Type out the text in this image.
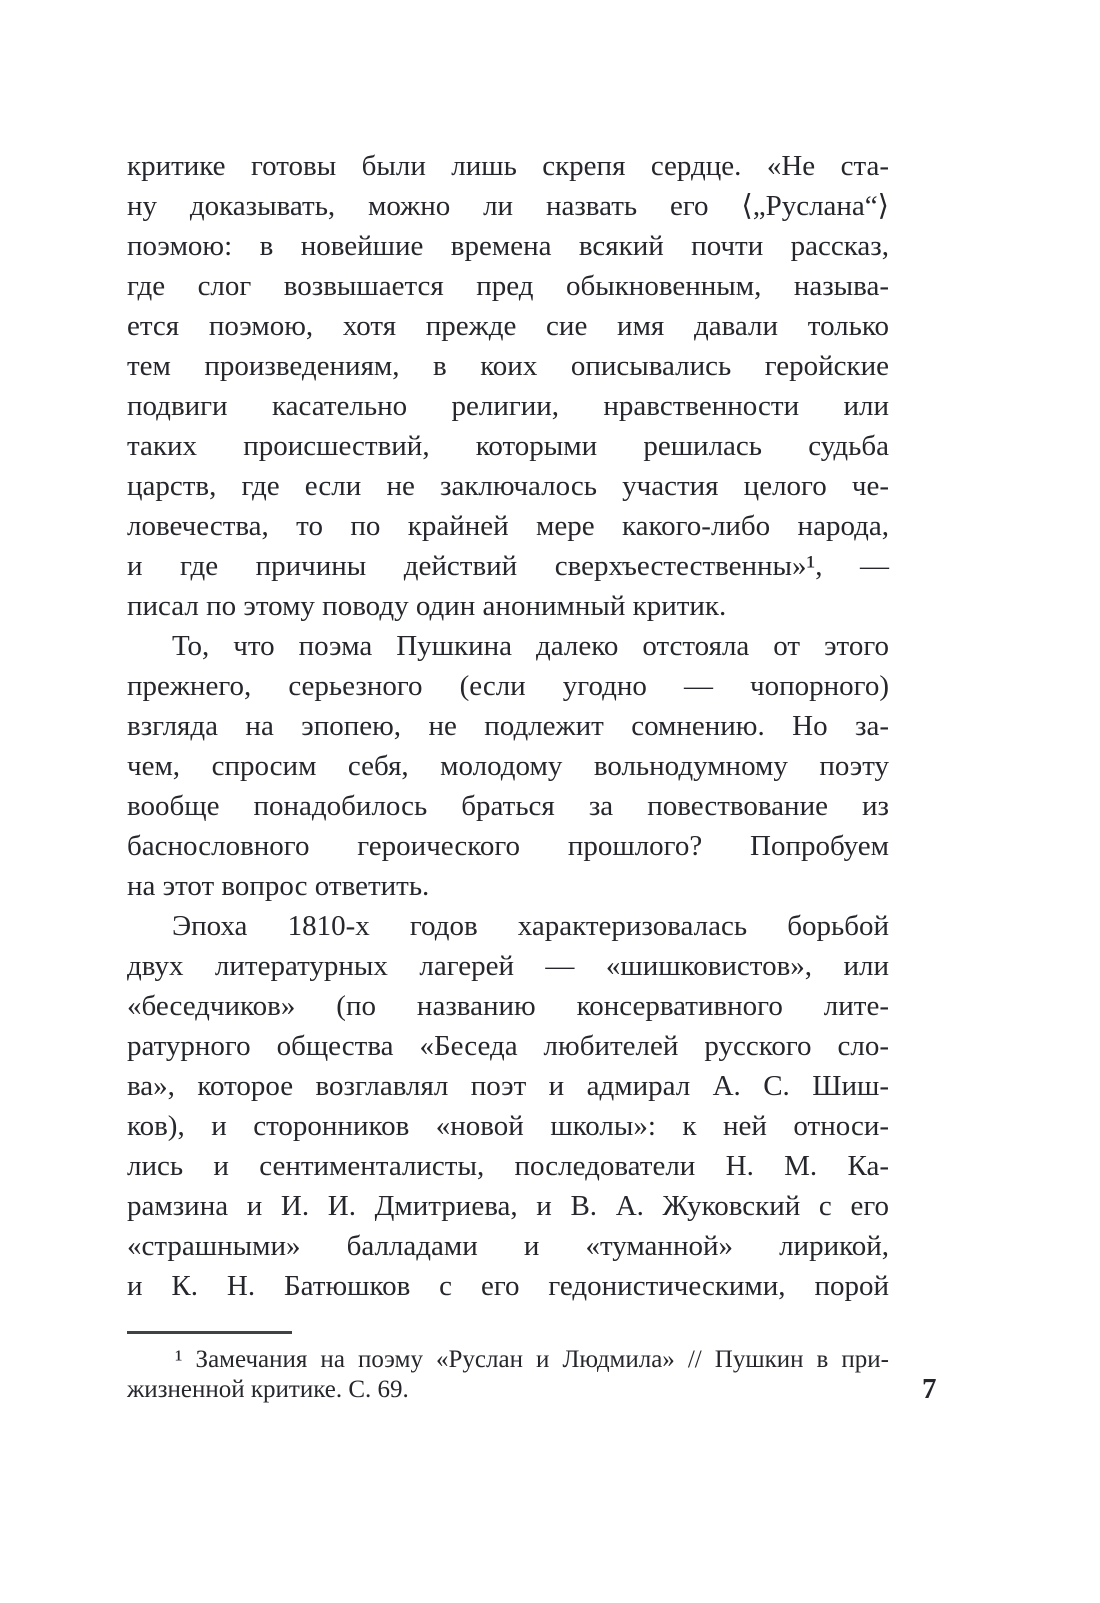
критике готовы были лишь скрепя сердце. «Не ста-
ну доказывать, можно ли назвать его ⟨„Руслана“⟩
поэмою: в новейшие времена всякий почти рассказ,
где слог возвышается пред обыкновенным, называ-
ется поэмою, хотя прежде сие имя давали только
тем произведениям, в коих описывались геройские
подвиги касательно религии, нравственности или
таких происшествий, которыми решилась судьба
царств, где если не заключалось участия целого че-
ловечества, то по крайней мере какого-либо народа,
и где причины действий сверхъестественны»¹, —
писал по этому поводу один анонимный критик.
То, что поэма Пушкина далеко отстояла от этого
прежнего, серьезного (если угодно — чопорного)
взгляда на эпопею, не подлежит сомнению. Но за-
чем, спросим себя, молодому вольнодумному поэту
вообще понадобилось браться за повествование из
баснословного героического прошлого? Попробуем
на этот вопрос ответить.
Эпоха 1810-х годов характеризовалась борьбой
двух литературных лагерей — «шишковистов», или
«беседчиков» (по названию консервативного лите-
ратурного общества «Беседа любителей русского сло-
ва», которое возглавлял поэт и адмирал А. С. Шиш-
ков), и сторонников «новой школы»: к ней относи-
лись и сентименталисты, последователи Н. М. Ка-
рамзина и И. И. Дмитриева, и В. А. Жуковский с его
«страшными» балладами и «туманной» лирикой,
и К. Н. Батюшков с его гедонистическими, порой
¹ Замечания на поэму «Руслан и Людмила» // Пушкин в при-
жизненной критике. С. 69.	7
